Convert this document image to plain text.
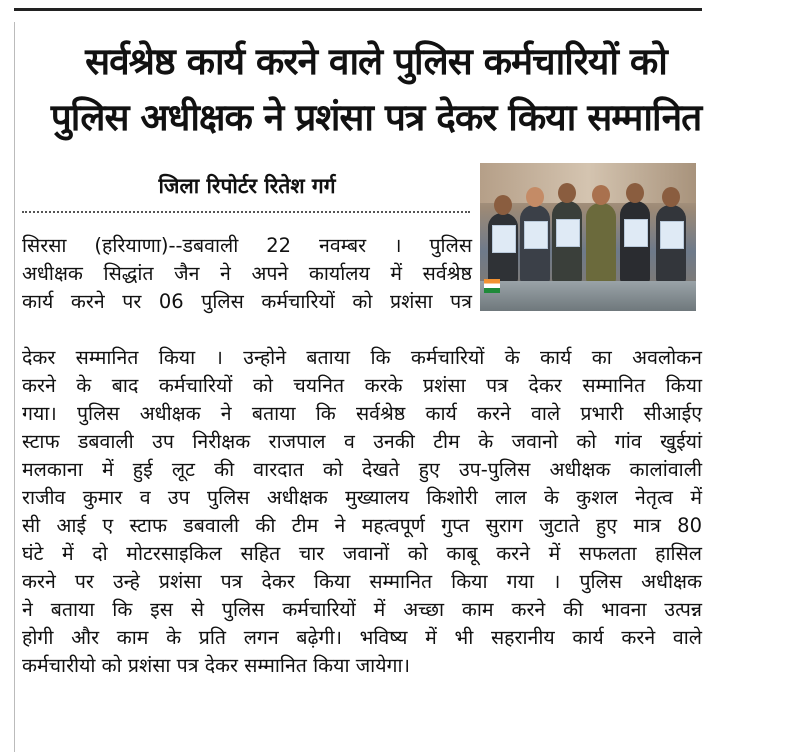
सर्वश्रेष्ठ कार्य करने वाले पुलिस कर्मचारियों को
पुलिस अधीक्षक ने प्रशंसा पत्र देकर किया सम्मानित
जिला रिपोर्टर रितेश गर्ग
सिरसा (हरियाणा)--डबवाली 22 नवम्बर । पुलिस
अधीक्षक सिद्धांत जैन ने अपने कार्यालय में सर्वश्रेष्ठ
कार्य करने पर 06 पुलिस कर्मचारियों को प्रशंसा पत्र
देकर सम्मानित किया । उन्होने बताया कि कर्मचारियों के कार्य का अवलोकन
करने के बाद कर्मचारियों को चयनित करके प्रशंसा पत्र देकर सम्मानित किया
गया। पुलिस अधीक्षक ने बताया कि सर्वश्रेष्ठ कार्य करने वाले प्रभारी सीआईए
स्टाफ डबवाली उप निरीक्षक राजपाल व उनकी टीम के जवानो को गांव खुईयां
मलकाना में हुई लूट की वारदात को देखते हुए उप-पुलिस अधीक्षक कालांवाली
राजीव कुमार व उप पुलिस अधीक्षक मुख्यालय किशोरी लाल के कुशल नेतृत्व में
सी आई ए स्टाफ डबवाली की टीम ने महत्वपूर्ण गुप्त सुराग जुटाते हुए मात्र 80
घंटे में दो मोटरसाइकिल सहित चार जवानों को काबू करने में सफलता हासिल
करने पर उन्हे प्रशंसा पत्र देकर किया सम्मानित किया गया । पुलिस अधीक्षक
ने बताया कि इस से पुलिस कर्मचारियों में अच्छा काम करने की भावना उत्पन्न
होगी और काम के प्रति लगन बढ़ेगी। भविष्य में भी सहरानीय कार्य करने वाले
कर्मचारीयो को प्रशंसा पत्र देकर सम्मानित किया जायेगा।
